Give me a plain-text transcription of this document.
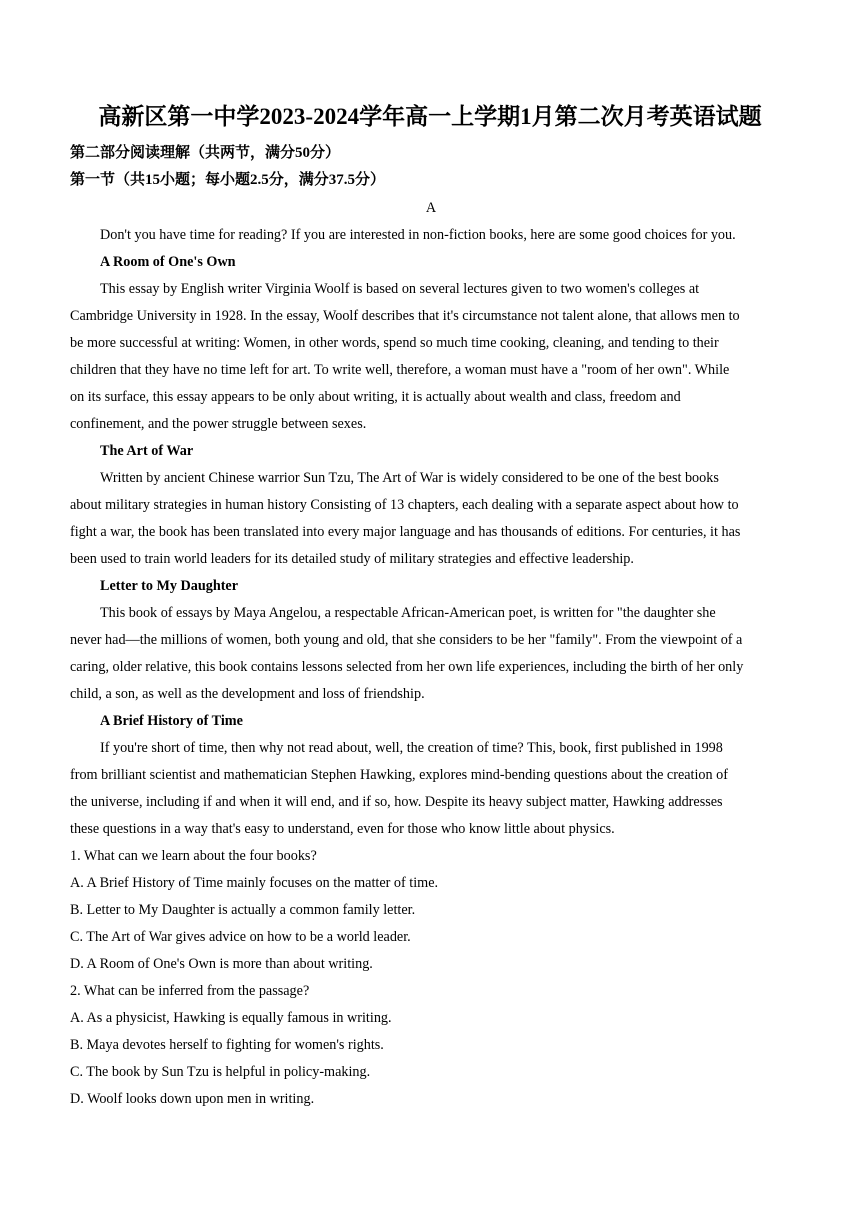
高新区第一中学2023-2024学年高一上学期1月第二次月考英语试题
第二部分阅读理解（共两节，满分50分）
第一节（共15小题；每小题2.5分，满分37.5分）
A
Don't you have time for reading? If you are interested in non-fiction books, here are some good choices for you.
A Room of One's Own
This essay by English writer Virginia Woolf is based on several lectures given to two women's colleges at
Cambridge University in 1928. In the essay, Woolf describes that it's circumstance not talent alone, that allows men to
be more successful at writing: Women, in other words, spend so much time cooking, cleaning, and tending to their
children that they have no time left for art. To write well, therefore, a woman must have a "room of her own". While
on its surface, this essay appears to be only about writing, it is actually about wealth and class, freedom and
confinement, and the power struggle between sexes.
The Art of War
Written by ancient Chinese warrior Sun Tzu, The Art of War is widely considered to be one of the best books
about military strategies in human history Consisting of 13 chapters, each dealing with a separate aspect about how to
fight a war, the book has been translated into every major language and has thousands of editions. For centuries, it has
been used to train world leaders for its detailed study of military strategies and effective leadership.
Letter to My Daughter
This book of essays by Maya Angelou, a respectable African-American poet, is written for "the daughter she
never had—the millions of women, both young and old, that she considers to be her "family". From the viewpoint of a
caring, older relative, this book contains lessons selected from her own life experiences, including the birth of her only
child, a son, as well as the development and loss of friendship.
A Brief History of Time
If you're short of time, then why not read about, well, the creation of time? This, book, first published in 1998
from brilliant scientist and mathematician Stephen Hawking, explores mind-bending questions about the creation of
the universe, including if and when it will end, and if so, how. Despite its heavy subject matter, Hawking addresses
these questions in a way that's easy to understand, even for those who know little about physics.
1. What can we learn about the four books?
A. A Brief History of Time mainly focuses on the matter of time.
B. Letter to My Daughter is actually a common family letter.
C. The Art of War gives advice on how to be a world leader.
D. A Room of One's Own is more than about writing.
2. What can be inferred from the passage?
A. As a physicist, Hawking is equally famous in writing.
B. Maya devotes herself to fighting for women's rights.
C. The book by Sun Tzu is helpful in policy-making.
D. Woolf looks down upon men in writing.
